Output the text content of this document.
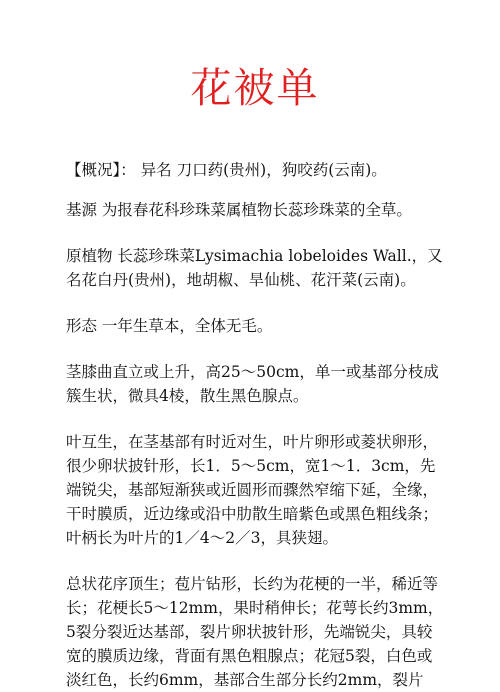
花被单

【概况】： 异名 刀口药(贵州)，狗咬药(云南)。

基源 为报春花科珍珠菜属植物长蕊珍珠菜的全草。

原植物 长蕊珍珠菜Lysimachia lobeloides Wall.，又名花白丹(贵州)，地胡椒、旱仙桃、花汗菜(云南)。

形态 一年生草本，全体无毛。

茎膝曲直立或上升，高25～50cm，单一或基部分枝成簇生状，微具4棱，散生黑色腺点。

叶互生，在茎基部有时近对生，叶片卵形或菱状卵形，很少卵状披针形，长1．5～5cm，宽1～1．3cm，先端锐尖，基部短渐狭或近圆形而骤然窄缩下延，全缘，干时膜质，近边缘或沿中肋散生暗紫色或黑色粗线条；叶柄长为叶片的1／4～2／3，具狭翅。

总状花序顶生；苞片钻形，长约为花梗的一半，稀近等长；花梗长5～12mm，果时稍伸长；花萼长约3mm，5裂分裂近达基部，裂片卵状披针形，先端锐尖，具较宽的膜质边缘，背面有黑色粗腺点；花冠5裂，白色或淡红色，长约6mm，基部合生部分长约2mm，裂片
